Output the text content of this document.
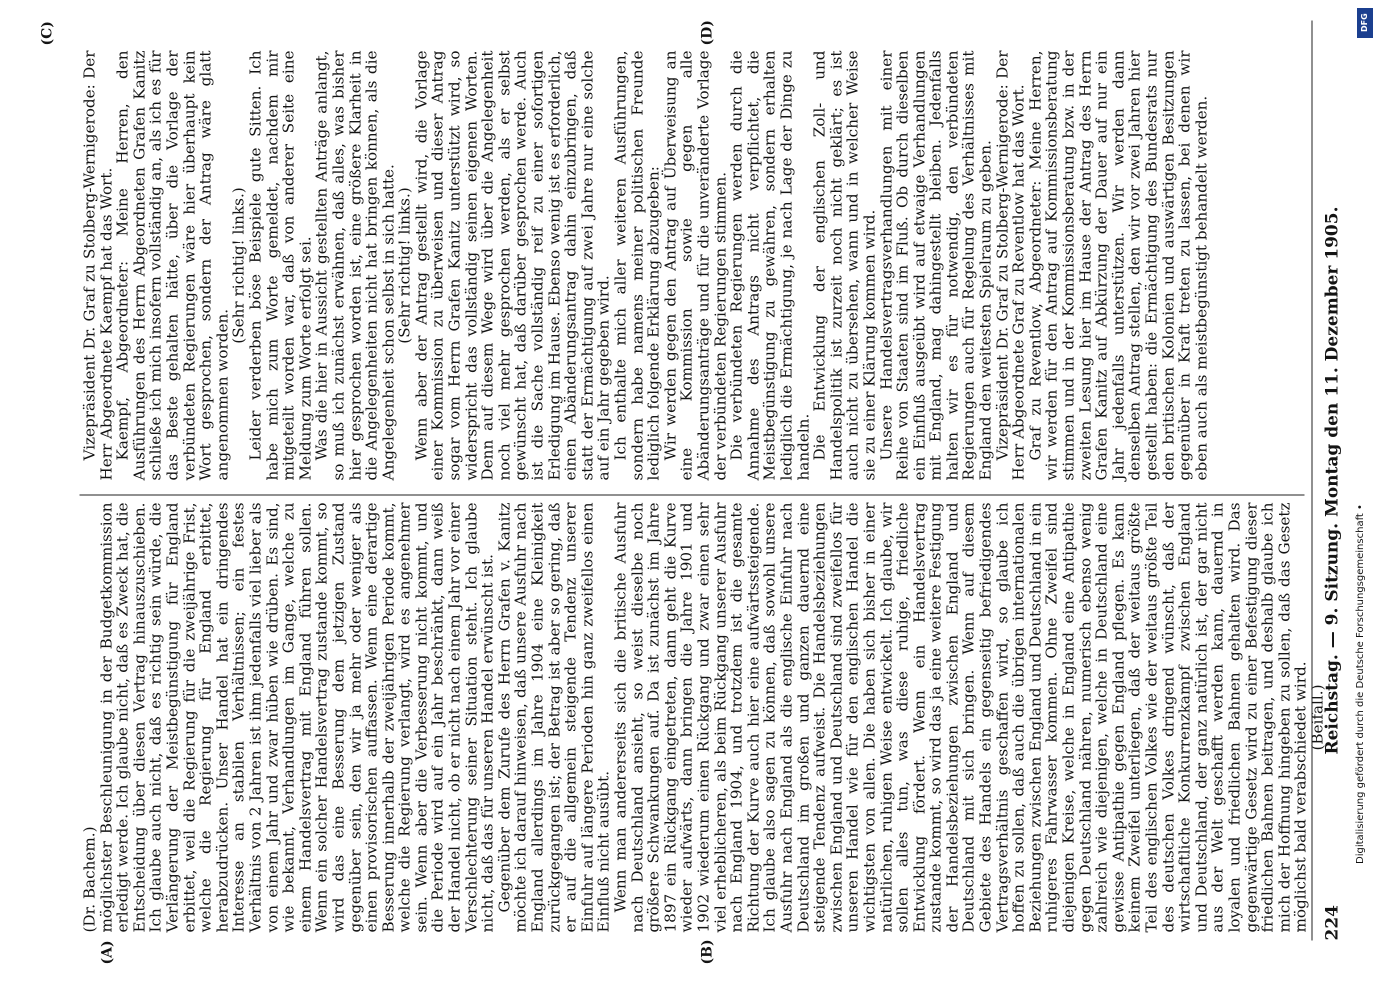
224
Reichstag. — 9. Sitzung. Montag den 11. Dezember 1905.
(A)	(B)
(C)	(D)

(Dr. Bachem.)

möglichster Beschleunigung in der Budgetkommission erledigt werde. Ich glaube nicht, daß es Zweck hat, die Entscheidung über diesen Vertrag hinauszuschieben. Ich glaube auch nicht, daß es richtig sein würde, die Verlängerung der Meistbegünstigung für England erbittet, weil die Regierung für die zweijährige Frist, welche die Regierung für England erbittet, herabzudrücken. Unser Handel hat ein dringendes Interesse an stabilen Verhältnissen; ein festes Verhältnis von 2 Jahren ist ihm jedenfalls viel lieber als von einem Jahr und zwar hüben wie drüben. Es sind, wie bekannt, Verhandlungen im Gange, welche zu einem Handelsvertrag mit England führen sollen. Wenn ein solcher Handelsvertrag zustande kommt, so wird das eine Besserung dem jetzigen Zustand gegenüber sein, den wir ja mehr oder weniger als einen provisorischen auffassen. Wenn eine derartige Besserung innerhalb der zweijährigen Periode kommt, welche die Regierung verlangt, wird es angenehmer sein. Wenn aber die Verbesserung nicht kommt, und die Periode wird auf ein Jahr beschränkt, dann weiß der Handel nicht, ob er nicht nach einem Jahr vor einer Verschlechterung seiner Situation steht. Ich glaube nicht, daß das für unseren Handel erwünscht ist.

Gegenüber dem Zurufe des Herrn Grafen v. Kanitz möchte ich darauf hinweisen, daß unsere Ausfuhr nach England allerdings im Jahre 1904 eine Kleinigkeit zurückgegangen ist; der Betrag ist aber so gering, daß er auf die allgemein steigende Tendenz unserer Einfuhr auf längere Perioden hin ganz zweifellos einen Einfluß nicht ausübt.

Wenn man andererseits sich die britische Ausfuhr nach Deutschland ansieht, so weist dieselbe noch größere Schwankungen auf. Da ist zunächst im Jahre 1897 ein Rückgang eingetreten, dann geht die Kurve wieder aufwärts, dann bringen die Jahre 1901 und 1902 wiederum einen Rückgang und zwar einen sehr viel erheblicheren, als beim Rückgang unserer Ausfuhr nach England 1904, und trotzdem ist die gesamte Richtung der Kurve auch hier eine aufwärtssteigende. Ich glaube also sagen zu können, daß sowohl unsere Ausfuhr nach England als die englische Einfuhr nach Deutschland im großen und ganzen dauernd eine steigende Tendenz aufweist. Die Handelsbeziehungen zwischen England und Deutschland sind zweifellos für unseren Handel wie für den englischen Handel die wichtigsten von allen. Die haben sich bisher in einer natürlichen, ruhigen Weise entwickelt. Ich glaube, wir sollen alles tun, was diese ruhige, friedliche Entwicklung fördert. Wenn ein Handelsvertrag zustande kommt, so wird das ja eine weitere Festigung der Handelsbeziehungen zwischen England und Deutschland mit sich bringen. Wenn auf diesem Gebiete des Handels ein gegenseitig befriedigendes Vertragsverhältnis geschaffen wird, so glaube ich hoffen zu sollen, daß auch die übrigen internationalen Beziehungen zwischen England und Deutschland in ein ruhigeres Fahrwasser kommen. Ohne Zweifel sind diejenigen Kreise, welche in England eine Antipathie gegen Deutschland nähren, numerisch ebenso wenig zahlreich wie diejenigen, welche in Deutschland eine gewisse Antipathie gegen England pflegen. Es kann keinem Zweifel unterliegen, daß der weitaus größte Teil des englischen Volkes wie der weitaus größte Teil des deutschen Volkes dringend wünscht, daß der wirtschaftliche Konkurrenzkampf zwischen England und Deutschland, der ganz natürlich ist, der gar nicht aus der Welt geschafft werden kann, dauernd in loyalen und friedlichen Bahnen gehalten wird. Das gegenwärtige Gesetz wird zu einer Befestigung dieser friedlichen Bahnen beitragen, und deshalb glaube ich mich der Hoffnung hingeben zu sollen, daß das Gesetz möglichst bald verabschiedet wird.

(Beifall.)

Vizepräsident Dr. Graf zu Stolberg-Wernigerode: Der Herr Abgeordnete Kaempf hat das Wort.

Kaempf, Abgeordneter: Meine Herren, den Ausführungen des Herrn Abgeordneten Grafen Kanitz schließe ich mich insofern vollständig an, als ich es für das Beste gehalten hätte, über die Vorlage der verbündeten Regierungen wäre hier überhaupt kein Wort gesprochen, sondern der Antrag wäre glatt angenommen worden.

(Sehr richtig! links.)

Leider verderben böse Beispiele gute Sitten. Ich habe mich zum Worte gemeldet, nachdem mir mitgeteilt worden war, daß von anderer Seite eine Meldung zum Worte erfolgt sei.

Was die hier in Aussicht gestellten Anträge anlangt, so muß ich zunächst erwähnen, daß alles, was bisher hier gesprochen worden ist, eine größere Klarheit in die Angelegenheiten nicht hat bringen können, als die Angelegenheit schon selbst in sich hatte.

(Sehr richtig! links.)

Wenn aber der Antrag gestellt wird, die Vorlage einer Kommission zu überweisen und dieser Antrag sogar vom Herrn Grafen Kanitz unterstützt wird, so widerspricht das vollständig seinen eigenen Worten. Denn auf diesem Wege wird über die Angelegenheit noch viel mehr gesprochen werden, als er selbst gewünscht hat, daß darüber gesprochen werde. Auch ist die Sache vollständig reif zu einer sofortigen Erledigung im Hause. Ebenso wenig ist es erforderlich, einen Abänderungsantrag dahin einzubringen, daß statt der Ermächtigung auf zwei Jahre nur eine solche auf ein Jahr gegeben wird.

Ich enthalte mich aller weiteren Ausführungen, sondern habe namens meiner politischen Freunde lediglich folgende Erklärung abzugeben:

Wir werden gegen den Antrag auf Überweisung an eine Kommission sowie gegen alle Abänderungsanträge und für die unveränderte Vorlage der verbündeten Regierungen stimmen.

Die verbündeten Regierungen werden durch die Annahme des Antrags nicht verpflichtet, die Meistbegünstigung zu gewähren, sondern erhalten lediglich die Ermächtigung, je nach Lage der Dinge zu handeln.

Die Entwicklung der englischen Zoll- und Handelspolitik ist zurzeit noch nicht geklärt; es ist auch nicht zu übersehen, wann und in welcher Weise sie zu einer Klärung kommen wird.

Unsere Handelsvertragsverhandlungen mit einer Reihe von Staaten sind im Fluß. Ob durch dieselben ein Einfluß ausgeübt wird auf etwaige Verhandlungen mit England, mag dahingestellt bleiben. Jedenfalls halten wir es für notwendig, den verbündeten Regierungen auch für Regelung des Verhältnisses mit England den weitesten Spielraum zu geben.

Vizepräsident Dr. Graf zu Stolberg-Wernigerode: Der Herr Abgeordnete Graf zu Reventlow hat das Wort.

Graf zu Reventlow, Abgeordneter: Meine Herren, wir werden für den Antrag auf Kommissionsberatung stimmen und in der Kommissionsberatung bzw. in der zweiten Lesung hier im Hause der Antrag des Herrn Grafen Kanitz auf Abkürzung der Dauer auf nur ein Jahr jedenfalls unterstützen. Wir werden dann denselben Antrag stellen, den wir vor zwei Jahren hier gestellt haben: die Ermächtigung des Bundesrats nur den britischen Kolonien und auswärtigen Besitzungen gegenüber in Kraft treten zu lassen, bei denen wir eben auch als meistbegünstigt behandelt werden.

DFG
Digitalisierung gefördert durch die Deutsche Forschungsgemeinschaft •
